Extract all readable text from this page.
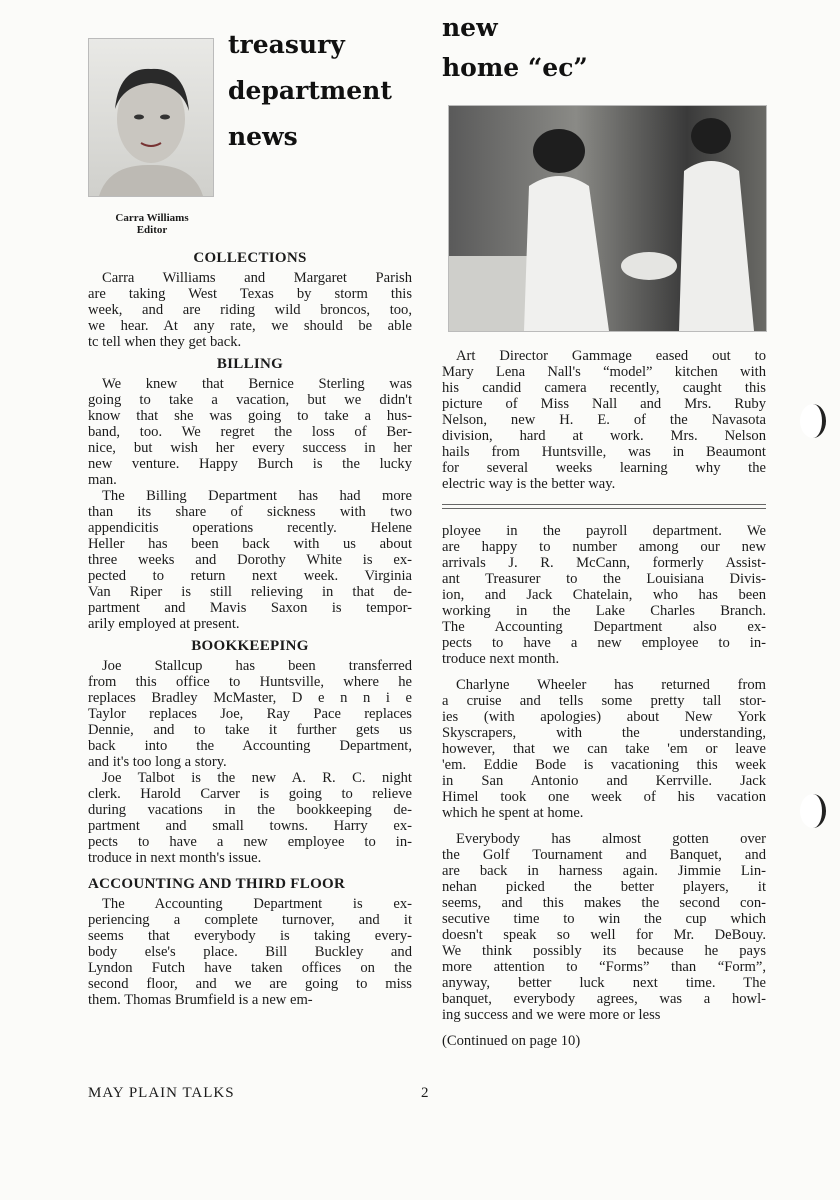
treasury
department
news
Carra Williams
Editor
COLLECTIONS
Carra Williams and Margaret Parish
are taking West Texas by storm this
week, and are riding wild broncos, too,
we hear. At any rate, we should be able
tc tell when they get back.
BILLING
We knew that Bernice Sterling was
going to take a vacation, but we didn't
know that she was going to take a hus-
band, too. We regret the loss of Ber-
nice, but wish her every success in her
new venture. Happy Burch is the lucky
man.
The Billing Department has had more
than its share of sickness with two
appendicitis operations recently. Helene
Heller has been back with us about
three weeks and Dorothy White is ex-
pected to return next week. Virginia
Van Riper is still relieving in that de-
partment and Mavis Saxon is tempor-
arily employed at present.
BOOKKEEPING
Joe Stallcup has been transferred
from this office to Huntsville, where he
replaces Bradley McMaster, D e n n i e
Taylor replaces Joe, Ray Pace replaces
Dennie, and to take it further gets us
back into the Accounting Department,
and it's too long a story.
Joe Talbot is the new A. R. C. night
clerk. Harold Carver is going to relieve
during vacations in the bookkeeping de-
partment and small towns. Harry ex-
pects to have a new employee to in-
troduce in next month's issue.
ACCOUNTING AND THIRD FLOOR
The Accounting Department is ex-
periencing a complete turnover, and it
seems that everybody is taking every-
body else's place. Bill Buckley and
Lyndon Futch have taken offices on the
second floor, and we are going to miss
them. Thomas Brumfield is a new em-
new
home “ec”
Art Director Gammage eased out to
Mary Lena Nall's “model” kitchen with
his candid camera recently, caught this
picture of Miss Nall and Mrs. Ruby
Nelson, new H. E. of the Navasota
division, hard at work. Mrs. Nelson
hails from Huntsville, was in Beaumont
for several weeks learning why the
electric way is the better way.
ployee in the payroll department. We
are happy to number among our new
arrivals J. R. McCann, formerly Assist-
ant Treasurer to the Louisiana Divis-
ion, and Jack Chatelain, who has been
working in the Lake Charles Branch.
The Accounting Department also ex-
pects to have a new employee to in-
troduce next month.
Charlyne Wheeler has returned from
a cruise and tells some pretty tall stor-
ies (with apologies) about New York
Skyscrapers, with the understanding,
however, that we can take 'em or leave
'em. Eddie Bode is vacationing this week
in San Antonio and Kerrville. Jack
Himel took one week of his vacation
which he spent at home.
Everybody has almost gotten over
the Golf Tournament and Banquet, and
are back in harness again. Jimmie Lin-
nehan picked the better players, it
seems, and this makes the second con-
secutive time to win the cup which
doesn't speak so well for Mr. DeBouy.
We think possibly its because he pays
more attention to “Forms” than “Form”,
anyway, better luck next time. The
banquet, everybody agrees, was a howl-
ing success and we were more or less
(Continued on page 10)
MAY PLAIN TALKS	2
